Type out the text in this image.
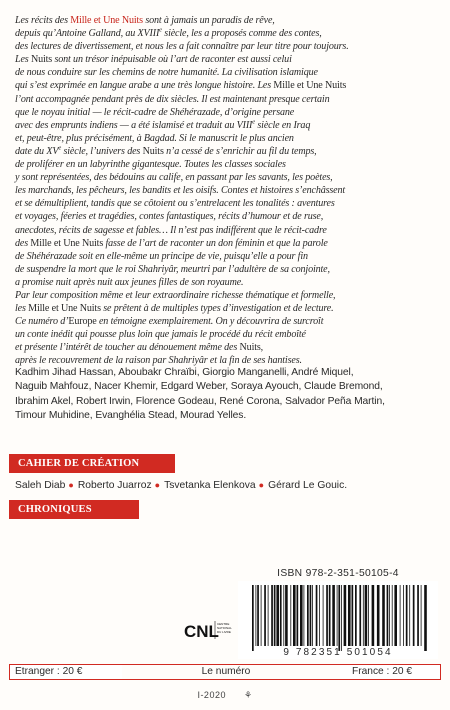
Les récits des Mille et Une Nuits sont à jamais un paradis de rêve,
depuis qu’Antoine Galland, au XVIIIe siècle, les a proposés comme des contes,
des lectures de divertissement, et nous les a fait connaître par leur titre pour toujours.
Les Nuits sont un trésor inépuisable où l’art de raconter est aussi celui
de nous conduire sur les chemins de notre humanité. La civilisation islamique
qui s’est exprimée en langue arabe a une très longue histoire. Les Mille et Une Nuits
l’ont accompagnée pendant près de dix siècles. Il est maintenant presque certain
que le noyau initial — le récit-cadre de Shéhérazade, d’origine persane
avec des emprunts indiens — a été islamisé et traduit au VIIIe siècle en Iraq
et, peut-être, plus précisément, à Bagdad. Si le manuscrit le plus ancien
date du XVe siècle, l’univers des Nuits n’a cessé de s’enrichir au fil du temps,
de proliférer en un labyrinthe gigantesque. Toutes les classes sociales
y sont représentées, des bédouins au calife, en passant par les savants, les poètes,
les marchands, les pêcheurs, les bandits et les oisifs. Contes et histoires s’enchâssent
et se démultiplient, tandis que se côtoient ou s’entrelacent les tonalités : aventures
et voyages, féeries et tragédies, contes fantastiques, récits d’humour et de ruse,
anecdotes, récits de sagesse et fables… Il n’est pas indifférent que le récit-cadre
des Mille et Une Nuits fasse de l’art de raconter un don féminin et que la parole
de Shéhérazade soit en elle-même un principe de vie, puisqu’elle a pour fin
de suspendre la mort que le roi Shahriyâr, meurtri par l’adultère de sa conjointe,
a promise nuit après nuit aux jeunes filles de son royaume.
Par leur composition même et leur extraordinaire richesse thématique et formelle,
les Mille et Une Nuits se prêtent à de multiples types d’investigation et de lecture.
Ce numéro d’Europe en témoigne exemplairement. On y découvrira de surcroît
un conte inédit qui pousse plus loin que jamais le procédé du récit emboîté
et présente l’intérêt de toucher au dénouement même des Nuits,
après le recouvrement de la raison par Shahriyâr et la fin de ses hantises.
Kadhim Jihad Hassan, Aboubakr Chraïbi, Giorgio Manganelli, André Miquel,
Naguib Mahfouz, Nacer Khemir, Edgard Weber, Soraya Ayouch, Claude Bremond,
Ibrahim Akel, Robert Irwin, Florence Godeau, René Corona, Salvador Peña Martin,
Timour Muhidine, Evanghélia Stead, Mourad Yelles.
CAHIER DE CRÉATION
Saleh Diab ● Roberto Juarroz ● Tsvetanka Elenkova ● Gérard Le Gouic.
CHRONIQUES
ISBN 978-2-351-50105-4
9 782351 501054
CNL
CENTRE
NATIONAL
DU LIVRE
Etranger : 20 €	Le numéro	France : 20 €
I-2020 ⚘
